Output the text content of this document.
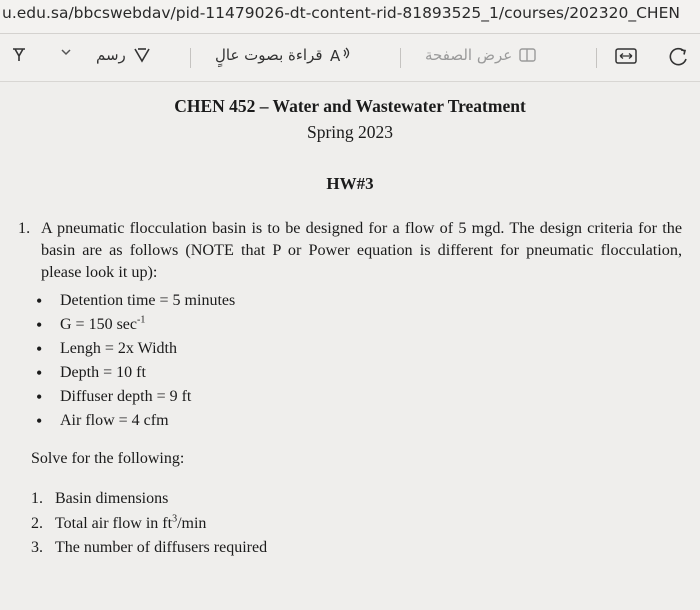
u.edu.sa/bbcswebdav/pid-11479026-dt-content-rid-81893525_1/courses/202320_CHEN
رسم	قراءة بصوت عالٍ A	عرض الصفحة
CHEN 452 – Water and Wastewater Treatment
Spring 2023
HW#3
1. A pneumatic flocculation basin is to be designed for a flow of 5 mgd. The design criteria for the basin are as follows (NOTE that P or Power equation is different for pneumatic flocculation, please look it up):
• Detention time = 5 minutes
• G = 150 $\sec^{-1}$
• Lengh = 2x Width
• Depth = 10 ft
• Diffuser depth = 9 ft
• Air flow = 4 cfm
Solve for the following:
1. Basin dimensions
2. Total air flow in $ft^3/\min$
3. The number of diffusers required
